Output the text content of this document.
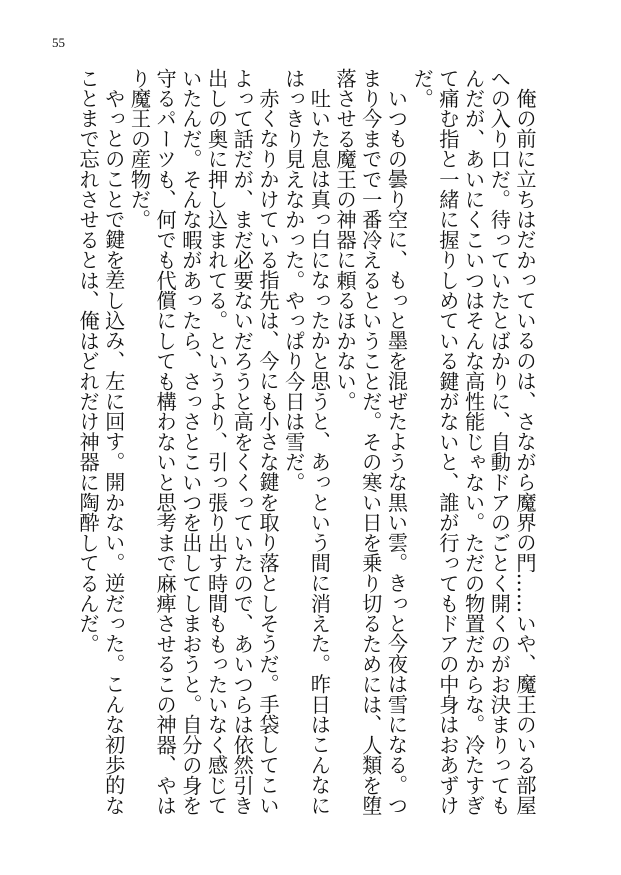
55

俺の前に立ちはだかっているのは、さながら魔界の門……いや、魔王のいる部屋への入り口だ。待っていたとばかりに、自動ドアのごとく開くのがお決まりってもんだが、あいにくこいつはそんな高性能じゃない。ただの物置だからな。冷たすぎて痛む指と一緒に握りしめている鍵がないと、誰が行ってもドアの中身はおあずけだ。

いつもの曇り空に、もっと墨を混ぜたような黒い雲。きっと今夜は雪になる。つまり今までで一番冷えるということだ。その寒い日を乗り切るためには、人類を堕落させる魔王の神器に頼るほかない。

吐いた息は真っ白になったかと思うと、あっという間に消えた。昨日はこんなにはっきり見えなかった。やっぱり今日は雪だ。

赤くなりかけている指先は、今にも小さな鍵を取り落としそうだ。手袋してこいよって話だが、まだ必要ないだろうと高をくくっていたので、あいつらは依然引き出しの奥に押し込まれてる。というより、引っ張り出す時間ももったいなく感じていたんだ。そんな暇があったら、さっさとこいつを出してしまおうと。自分の身を守るパーツも、何でも代償にしても構わないと思考まで麻痺させるこの神器、やはり魔王の産物だ。

やっとのことで鍵を差し込み、左に回す。開かない。逆だった。こんな初歩的なことまで忘れさせるとは、俺はどれだけ神器に陶酔してるんだ。
